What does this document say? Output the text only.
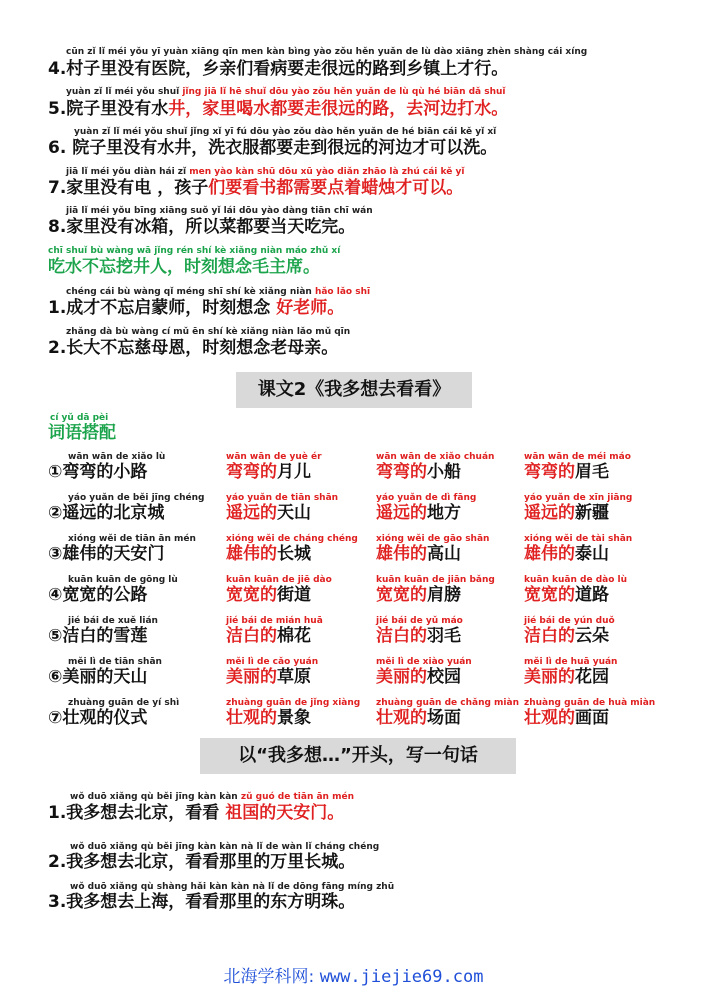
cūn zǐ lǐ méi yǒu yī yuàn xiāng qīn men kàn bìng yào zǒu hěn yuǎn de lù dào xiāng zhèn shàng cái xíng
4.村子里没有医院，乡亲们看病要走很远的路到乡镇上才行。
yuàn zǐ lǐ méi yǒu shuǐ jǐng jiā lǐ hē shuǐ dōu yào zǒu hěn yuǎn de lù qù hé biān dǎ shuǐ
5.院子里没有水井，家里喝水都要走很远的路，去河边打水。
yuàn zǐ lǐ méi yǒu shuǐ jǐng xǐ yī fú dōu yào zǒu dào hěn yuǎn de hé biān cái kě yǐ xǐ
6. 院子里没有水井，洗衣服都要走到很远的河边才可以洗。
jiā lǐ méi yǒu diàn hái zǐ men yào kàn shū dōu xū yào diǎn zhāo là zhú cái kě yǐ
7.家里没有电 ，孩子们要看书都需要点着蜡烛才可以。
jiā lǐ méi yǒu bīng xiāng suǒ yǐ lái dōu yào dàng tiān chī wán
8.家里没有冰箱，所以菜都要当天吃完。
chī shuǐ bù wàng wā jǐng rén shí kè xiǎng niàn máo zhǔ xí
吃水不忘挖井人，时刻想念毛主席。
chéng cái bù wàng qǐ méng shī shí kè xiǎng niàn hǎo lǎo shī
1.成才不忘启蒙师，时刻想念 好老师。
zhǎng dà bù wàng cí mǔ ēn shí kè xiǎng niàn lǎo mǔ qīn
2.长大不忘慈母恩，时刻想念老母亲。
课文2《我多想去看看》
cí yǔ dā pèi
词语搭配
wān wān de xiǎo lù
①弯弯的小路
wān wān de yuè ér
弯弯的月儿
wān wān de xiǎo chuán
弯弯的小船
wān wān de méi máo
弯弯的眉毛
yáo yuǎn de běi jīng chéng
②遥远的北京城
yáo yuǎn de tiān shān
遥远的天山
yáo yuǎn de dì fāng
遥远的地方
yáo yuǎn de xīn jiāng
遥远的新疆
xióng wěi de tiān ān mén
③雄伟的天安门
xióng wěi de cháng chéng
雄伟的长城
xióng wěi de gāo shān
雄伟的高山
xióng wěi de tài shān
雄伟的泰山
kuān kuān de gōng lù
④宽宽的公路
kuān kuān de jiē dào
宽宽的街道
kuān kuān de jiān bǎng
宽宽的肩膀
kuān kuān de dào lù
宽宽的道路
jié bái de xuě lián
⑤洁白的雪莲
jié bái de mián huā
洁白的棉花
jié bái de yǔ máo
洁白的羽毛
jié bái de yún duǒ
洁白的云朵
měi lì de tiān shān
⑥美丽的天山
měi lì de cǎo yuán
美丽的草原
měi lì de xiào yuán
美丽的校园
měi lì de huā yuán
美丽的花园
zhuàng guān de yí shì
⑦壮观的仪式
zhuàng guān de jǐng xiàng
壮观的景象
zhuàng guān de chǎng miàn
壮观的场面
zhuàng guān de huà miàn
壮观的画面
以“我多想…”开头，写一句话
wǒ duō xiǎng qù běi jīng kàn kàn zǔ guó de tiān ān mén
1.我多想去北京，看看 祖国的天安门。
wǒ duō xiǎng qù běi jīng kàn kàn nà lǐ de wàn lǐ cháng chéng
2.我多想去北京，看看那里的万里长城。
wǒ duō xiǎng qù shàng hǎi kàn kàn nà lǐ de dōng fāng míng zhū
3.我多想去上海，看看那里的东方明珠。
北海学科网: www.jiejie69.com
